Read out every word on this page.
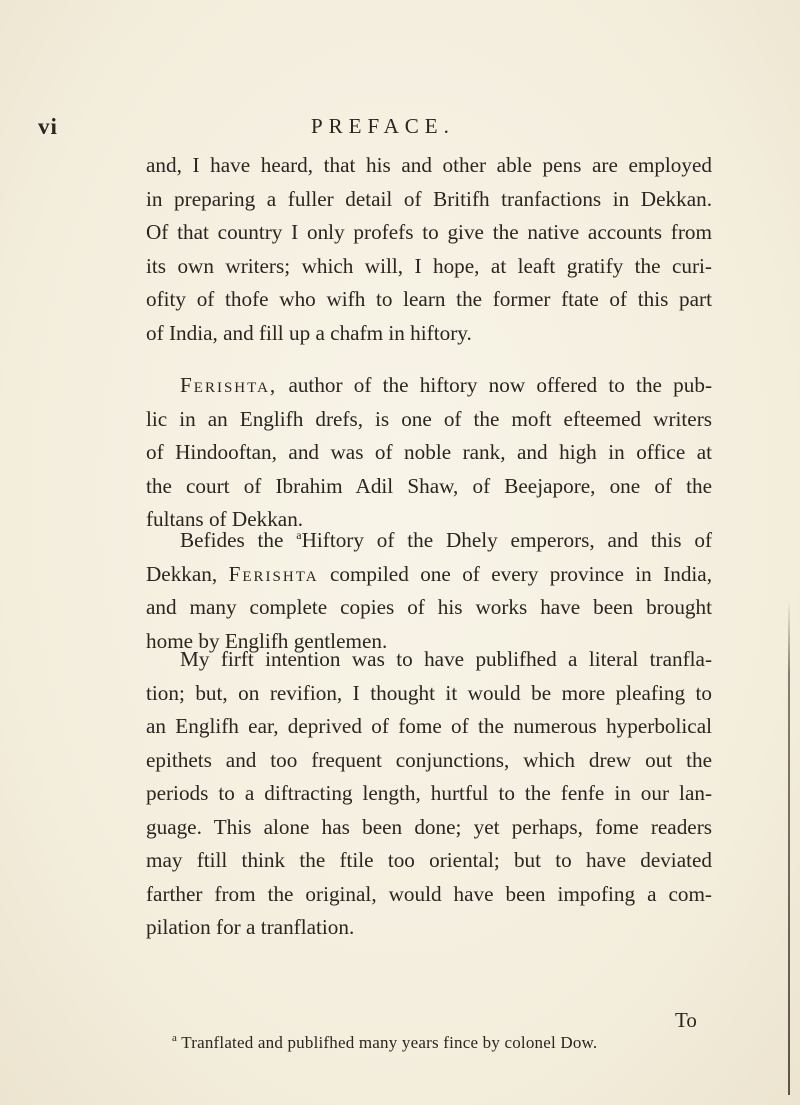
vi	PREFACE.
and, I have heard, that his and other able pens are employed
in preparing a fuller detail of Britifh tranfactions in Dekkan.
Of that country I only profefs to give the native accounts from
its own writers; which will, I hope, at leaft gratify the curi-
ofity of thofe who wifh to learn the former ftate of this part
of India, and fill up a chafm in hiftory.
Ferishta, author of the hiftory now offered to the pub-
lic in an Englifh drefs, is one of the moft efteemed writers
of Hindooftan, and was of noble rank, and high in office at
the court of Ibrahim Adil Shaw, of Beejapore, one of the
fultans of Dekkan.
Befides the $^a$Hiftory of the Dhely emperors, and this of
Dekkan, Ferishta compiled one of every province in India,
and many complete copies of his works have been brought
home by Englifh gentlemen.
My firft intention was to have publifhed a literal tranfla-
tion; but, on revifion, I thought it would be more pleafing to
an Englifh ear, deprived of fome of the numerous hyperbolical
epithets and too frequent conjunctions, which drew out the
periods to a diftracting length, hurtful to the fenfe in our lan-
guage. This alone has been done; yet perhaps, fome readers
may ftill think the ftile too oriental; but to have deviated
farther from the original, would have been impofing a com-
pilation for a tranflation.
To
$^a$ Tranflated and publifhed many years fince by colonel Dow.
